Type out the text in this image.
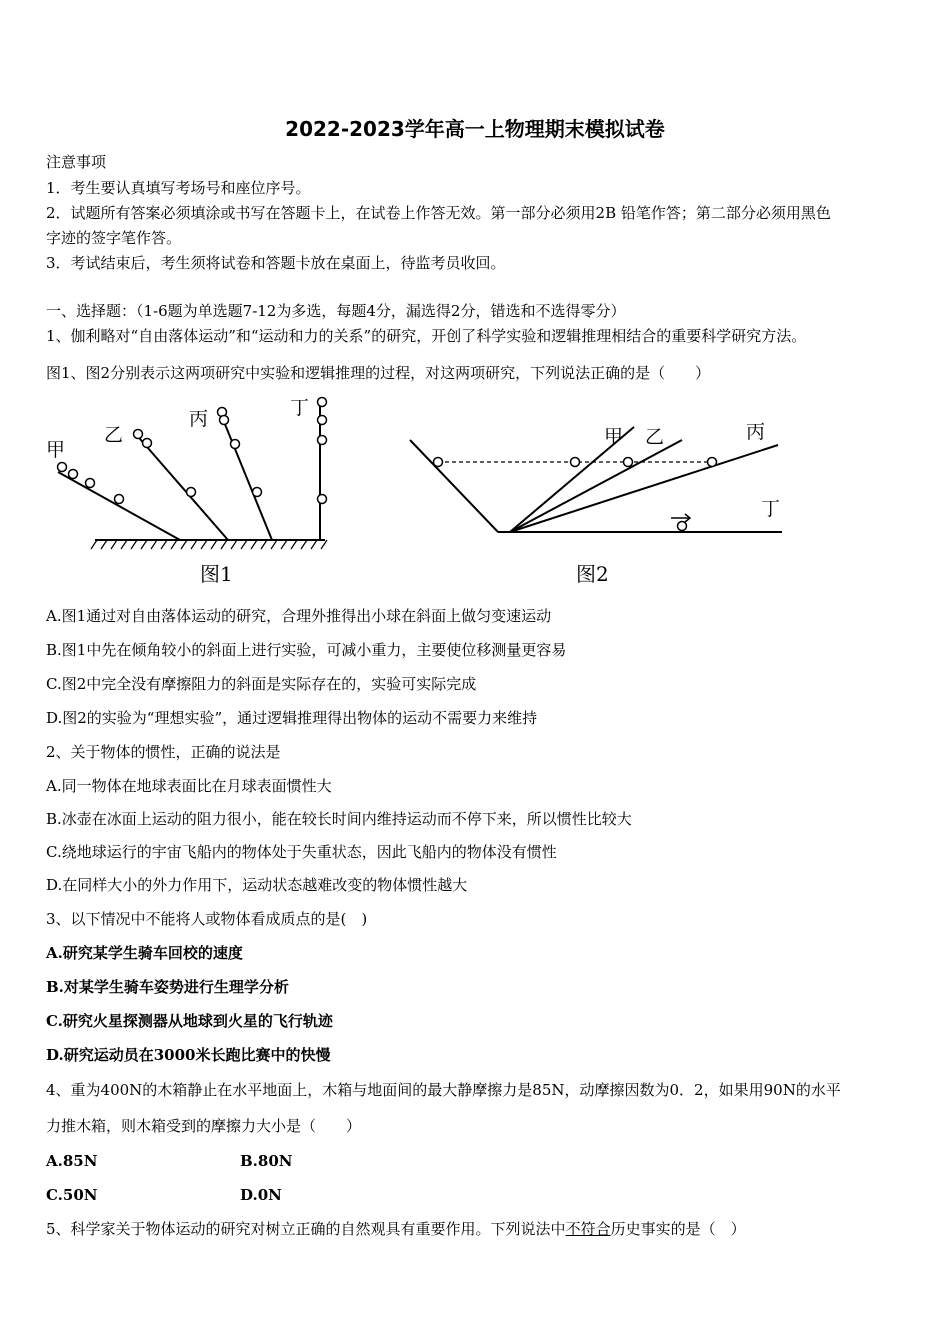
2022-2023学年高一上物理期末模拟试卷
注意事项
1．考生要认真填写考场号和座位序号。
2．试题所有答案必须填涂或书写在答题卡上，在试卷上作答无效。第一部分必须用2B 铅笔作答；第二部分必须用黑色
字迹的签字笔作答。
3．考试结束后，考生须将试卷和答题卡放在桌面上，待监考员收回。
一、选择题：（1-6题为单选题7-12为多选，每题4分，漏选得2分，错选和不选得零分）
1、伽利略对“自由落体运动”和“运动和力的关系”的研究，开创了科学实验和逻辑推理相结合的重要科学研究方法。
图1、图2分别表示这两项研究中实验和逻辑推理的过程，对这两项研究，下列说法正确的是（　　）
甲
乙
丙	丁
图1
甲 乙	丙
丁
图2
A.图1通过对自由落体运动的研究，合理外推得出小球在斜面上做匀变速运动
B.图1中先在倾角较小的斜面上进行实验，可减小重力，主要使位移测量更容易
C.图2中完全没有摩擦阻力的斜面是实际存在的，实验可实际完成
D.图2的实验为“理想实验”，通过逻辑推理得出物体的运动不需要力来维持
2、关于物体的惯性，正确的说法是
A.同一物体在地球表面比在月球表面惯性大
B.冰壶在冰面上运动的阻力很小，能在较长时间内维持运动而不停下来，所以惯性比较大
C.绕地球运行的宇宙飞船内的物体处于失重状态，因此飞船内的物体没有惯性
D.在同样大小的外力作用下，运动状态越难改变的物体惯性越大
3、以下情况中不能将人或物体看成质点的是(　)
A.研究某学生骑车回校的速度
B.对某学生骑车姿势进行生理学分析
C.研究火星探测器从地球到火星的飞行轨迹
D.研究运动员在3000米长跑比赛中的快慢
4、重为400N的木箱静止在水平地面上，木箱与地面间的最大静摩擦力是85N，动摩擦因数为0．2，如果用90N的水平
力推木箱，则木箱受到的摩擦力大小是（　　）
A.85N	B.80N
C.50N	D.0N
5、科学家关于物体运动的研究对树立正确的自然观具有重要作用。下列说法中不符合历史事实的是（　）
